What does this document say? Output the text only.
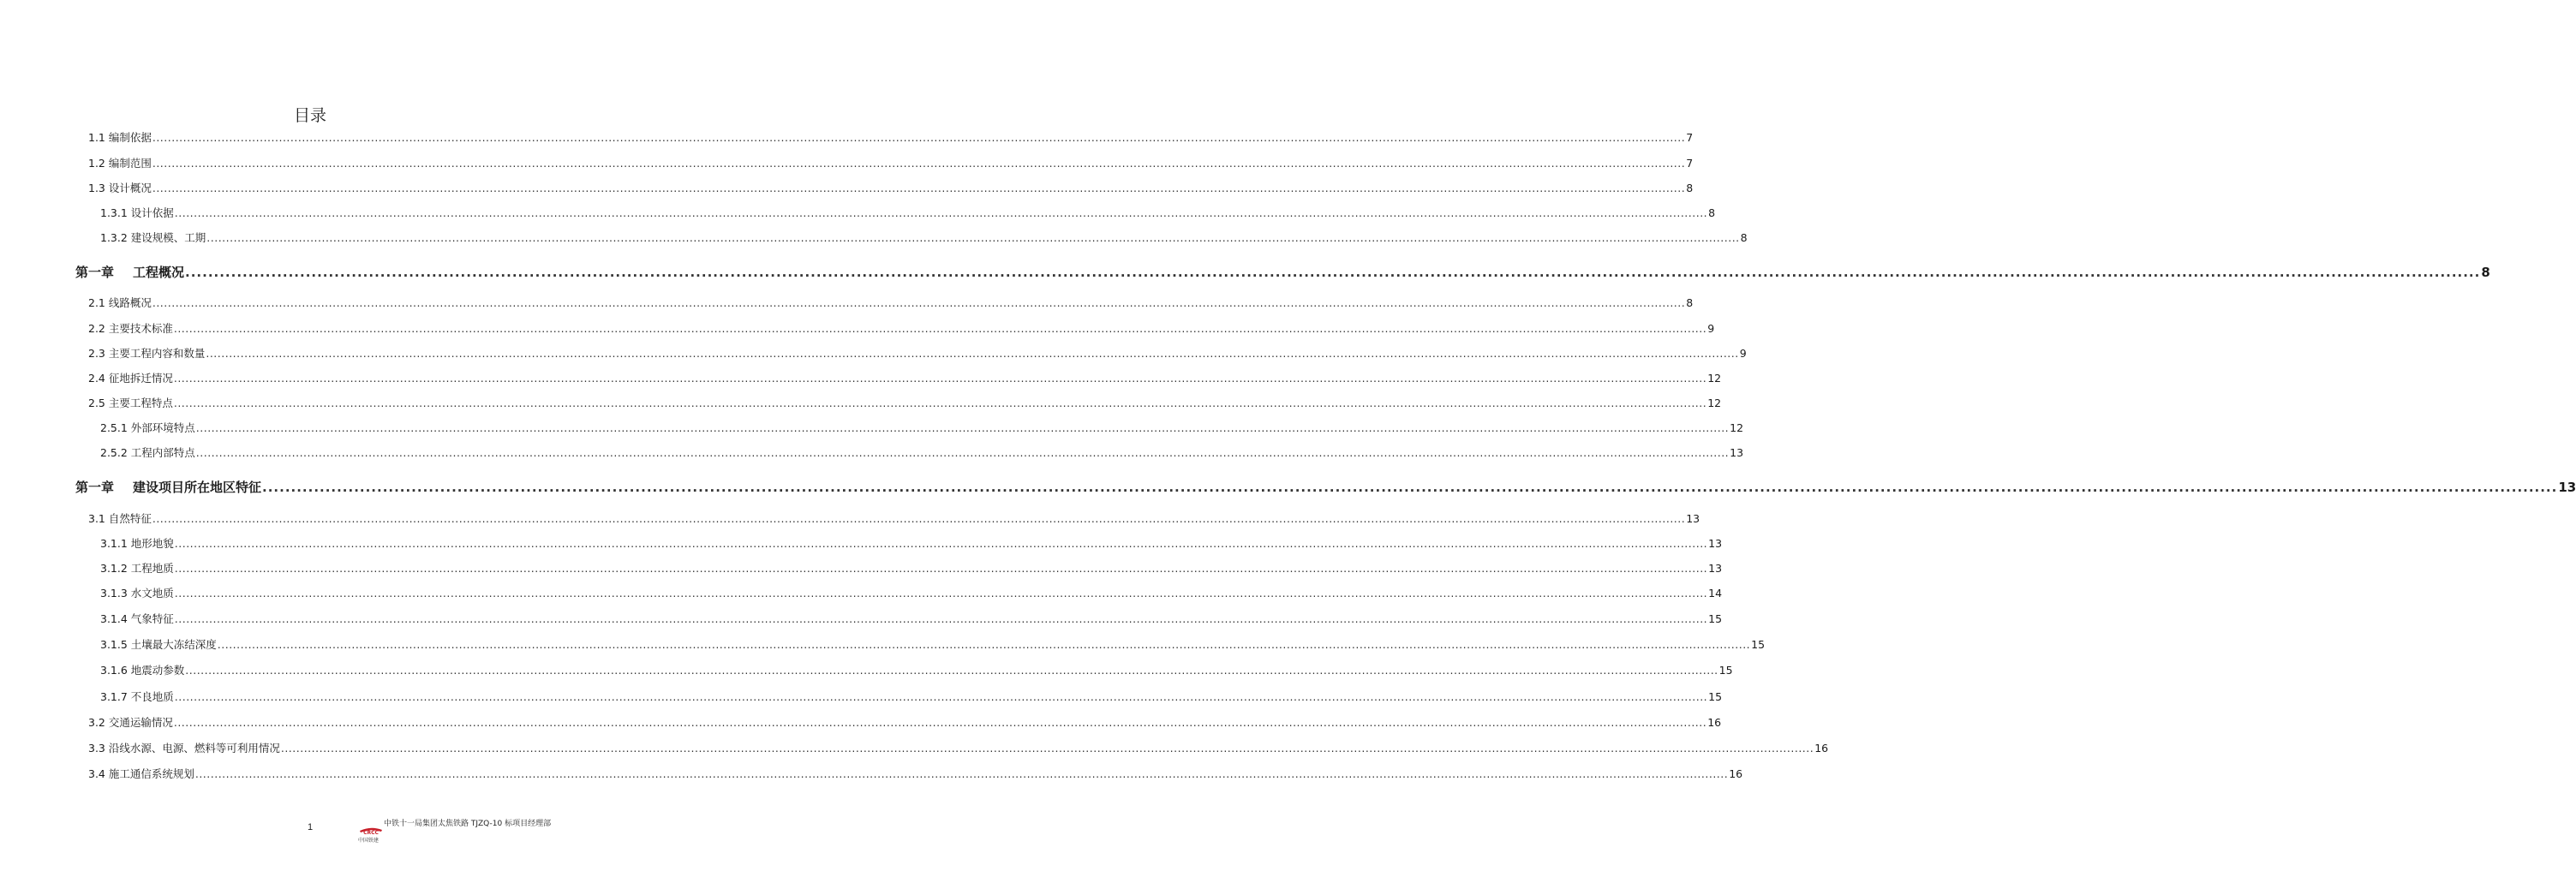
目录
1.1 编制依据 ................................................................................................................................................................................................................................................................................................................................................................................................................ 7
1.2 编制范围 ................................................................................................................................................................................................................................................................................................................................................................................................................ 7
1.3 设计概况 ................................................................................................................................................................................................................................................................................................................................................................................................................ 8
1.3.1 设计依据 ................................................................................................................................................................................................................................................................................................................................................................................................................ 8
1.3.2 建设规模、工期 ................................................................................................................................................................................................................................................................................................................................................................................................................ 8
第一章 工程概况 ................................................................................................................................................................................................................................................................................................................................................................................................................ 8
2.1 线路概况 ................................................................................................................................................................................................................................................................................................................................................................................................................ 8
2.2 主要技术标准 ................................................................................................................................................................................................................................................................................................................................................................................................................ 9
2.3 主要工程内容和数量 ................................................................................................................................................................................................................................................................................................................................................................................................................ 9
2.4 征地拆迁情况 ................................................................................................................................................................................................................................................................................................................................................................................................................ 12
2.5 主要工程特点 ................................................................................................................................................................................................................................................................................................................................................................................................................ 12
2.5.1 外部环境特点 ................................................................................................................................................................................................................................................................................................................................................................................................................ 12
2.5.2 工程内部特点 ................................................................................................................................................................................................................................................................................................................................................................................................................ 13
第一章 建设项目所在地区特征 ................................................................................................................................................................................................................................................................................................................................................................................................................ 13
3.1 自然特征 ................................................................................................................................................................................................................................................................................................................................................................................................................ 13
3.1.1 地形地貌 ................................................................................................................................................................................................................................................................................................................................................................................................................ 13
3.1.2 工程地质 ................................................................................................................................................................................................................................................................................................................................................................................................................ 13
3.1.3 水文地质 ................................................................................................................................................................................................................................................................................................................................................................................................................ 14
3.1.4 气象特征 ................................................................................................................................................................................................................................................................................................................................................................................................................ 15
3.1.5 土壤最大冻结深度 ................................................................................................................................................................................................................................................................................................................................................................................................................ 15
3.1.6 地震动参数 ................................................................................................................................................................................................................................................................................................................................................................................................................ 15
3.1.7 不良地质 ................................................................................................................................................................................................................................................................................................................................................................................................................ 15
3.2 交通运输情况 ................................................................................................................................................................................................................................................................................................................................................................................................................ 16
3.3 沿线水源、电源、燃料等可利用情况 ................................................................................................................................................................................................................................................................................................................................................................................................................ 16
3.4 施工通信系统规划 ................................................................................................................................................................................................................................................................................................................................................................................................................ 16
1
CRCC
中国铁建
中铁十一局集团太焦铁路 TJZQ-10 标项目经理部
